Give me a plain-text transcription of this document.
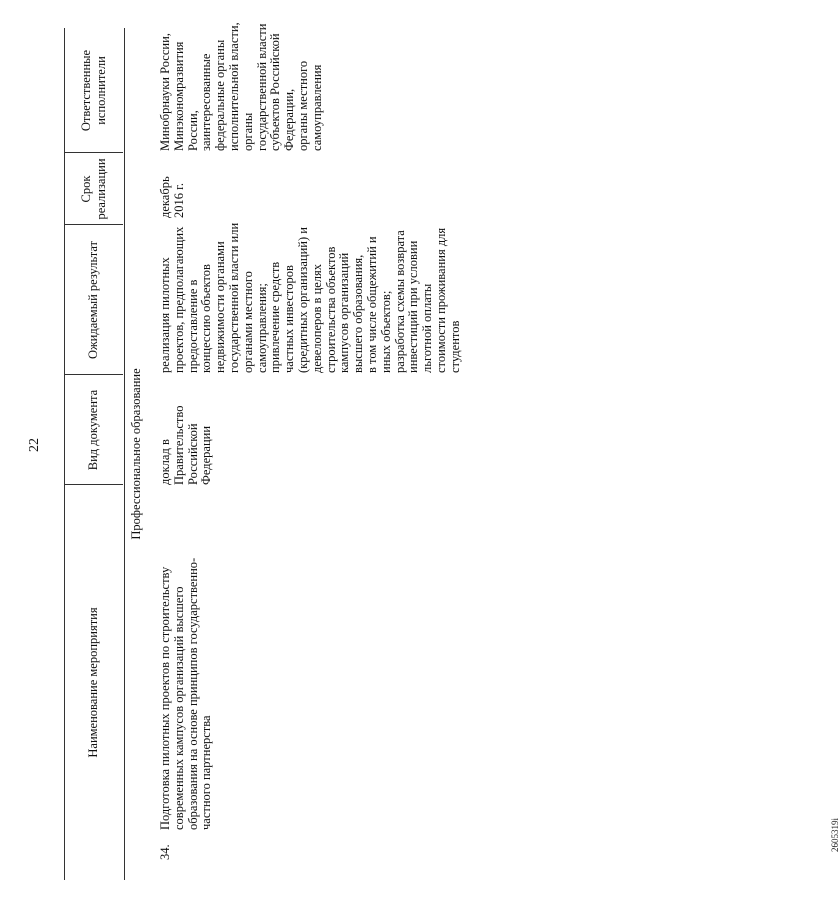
22
Наименование мероприятия
Вид документа
Ожидаемый результат
Срок реализации
Ответственные исполнители
Профессиональное образование
34.
Подготовка пилотных проектов по строительству современных кампусов организаций высшего образования на основе принципов государственно- частного партнерства
доклад в Правительство Российской Федерации
реализация пилотных проектов, предполагающих предоставление в концессию объектов недвижимости органами государственной власти или органами местного самоуправления; привлечение средств частных инвесторов (кредитных организаций) и девелоперов в целях строительства объектов кампусов организаций высшего образования, в том числе общежитий и иных объектов; разработка схемы возврата инвестиций при условии льготной оплаты стоимости проживания для студентов
декабрь 2016 г.
Минобрнауки России, Минэкономразвития России, заинтересованные федеральные органы исполнительной власти, органы государственной власти субъектов Российской Федерации, органы местного самоуправления
2605319i
